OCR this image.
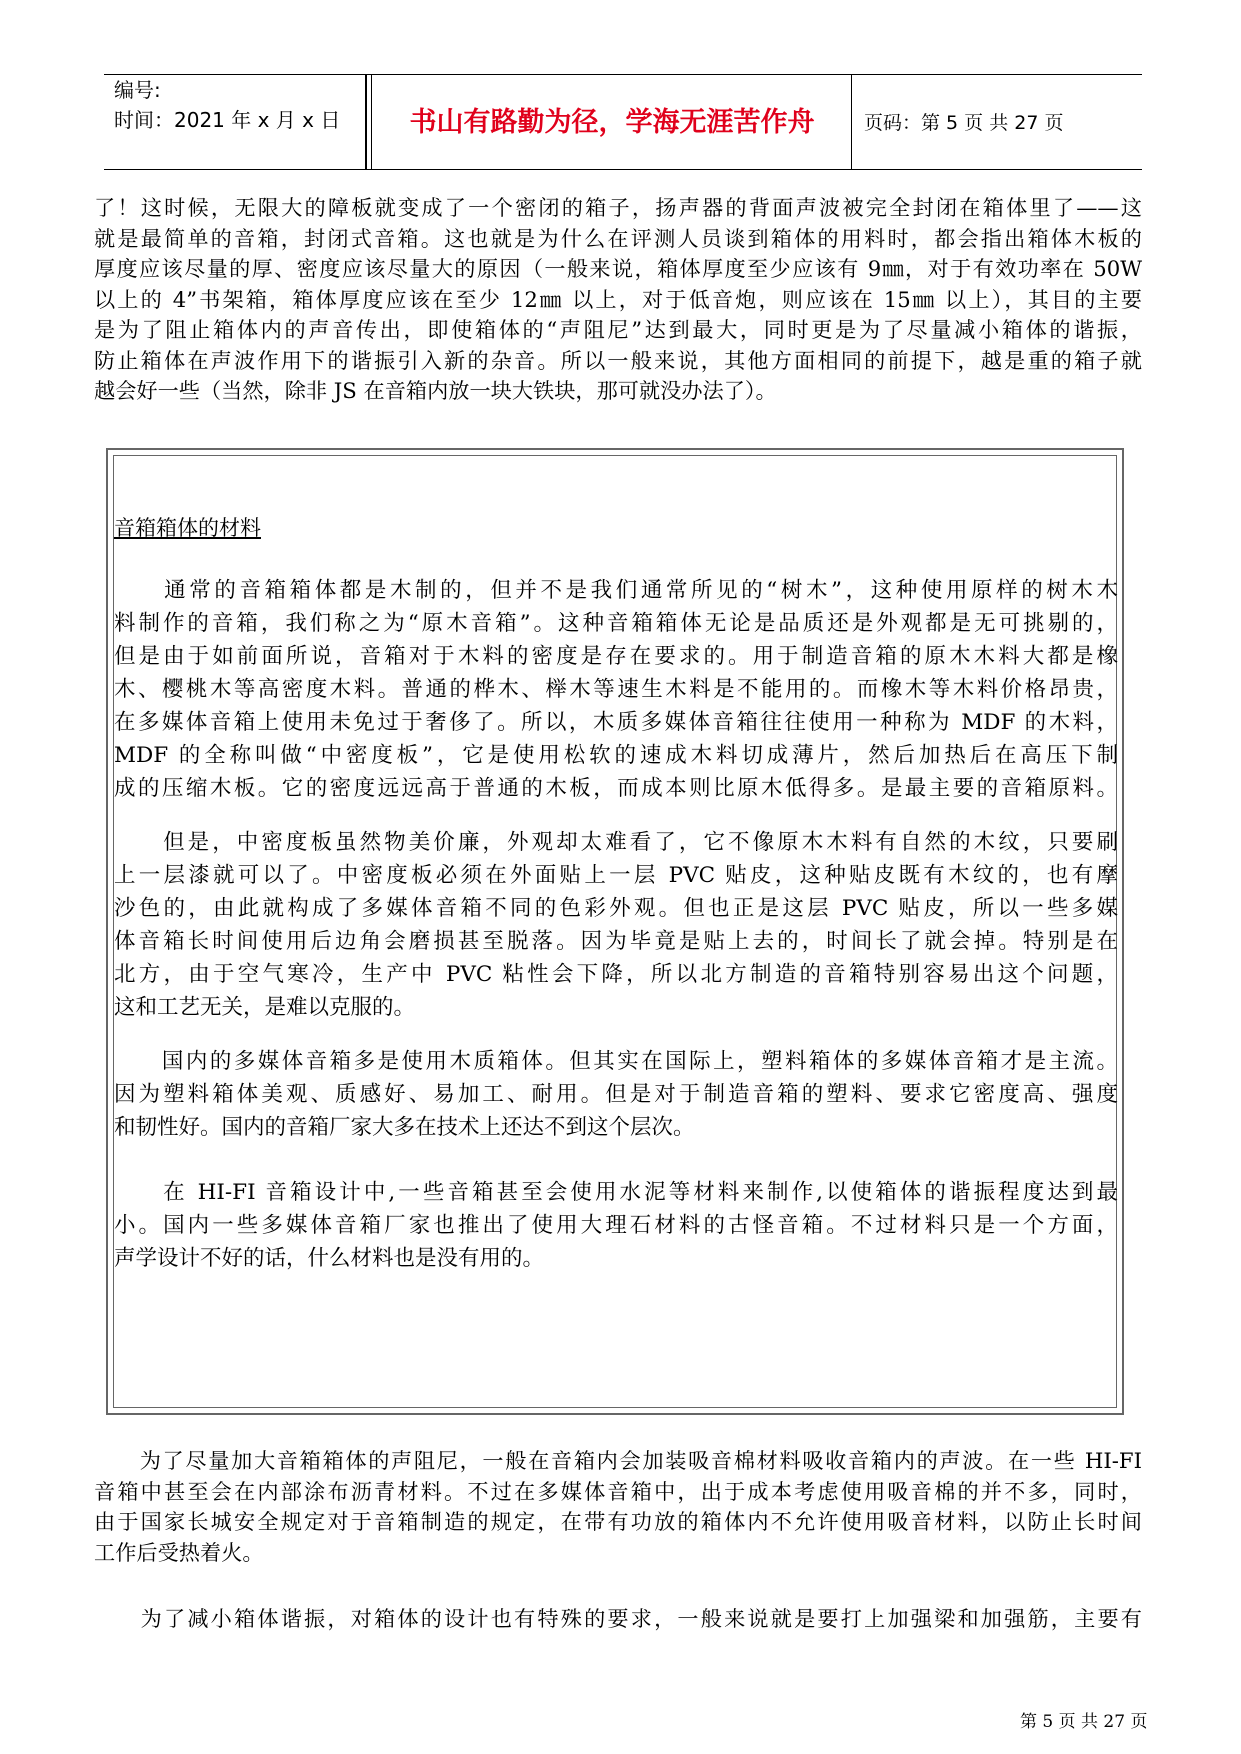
编号:
时间：2021 年 x 月 x 日	书山有路勤为径，学海无涯苦作舟	页码：第 5 页 共 27 页
了！这时候，无限大的障板就变成了一个密闭的箱子，扬声器的背面声波被完全封闭在箱体里了——这
就是最简单的音箱，封闭式音箱。这也就是为什么在评测人员谈到箱体的用料时，都会指出箱体木板的
厚度应该尽量的厚、密度应该尽量大的原因（一般来说，箱体厚度至少应该有 9㎜，对于有效功率在 50W
以上的 4”书架箱，箱体厚度应该在至少 12㎜ 以上，对于低音炮，则应该在 15㎜ 以上），其目的主要
是为了阻止箱体内的声音传出，即使箱体的“声阻尼”达到最大，同时更是为了尽量减小箱体的谐振，
防止箱体在声波作用下的谐振引入新的杂音。所以一般来说，其他方面相同的前提下，越是重的箱子就
越会好一些（当然，除非 JS 在音箱内放一块大铁块，那可就没办法了）。
音箱箱体的材料
　　通常的音箱箱体都是木制的，但并不是我们通常所见的“树木”，这种使用原样的树木木
料制作的音箱，我们称之为“原木音箱”。这种音箱箱体无论是品质还是外观都是无可挑剔的，
但是由于如前面所说，音箱对于木料的密度是存在要求的。用于制造音箱的原木木料大都是橡
木、樱桃木等高密度木料。普通的桦木、榉木等速生木料是不能用的。而橡木等木料价格昂贵，
在多媒体音箱上使用未免过于奢侈了。所以，木质多媒体音箱往往使用一种称为 MDF 的木料，
MDF 的全称叫做“中密度板”，它是使用松软的速成木料切成薄片，然后加热后在高压下制
成的压缩木板。它的密度远远高于普通的木板，而成本则比原木低得多。是最主要的音箱原料。
　　但是，中密度板虽然物美价廉，外观却太难看了，它不像原木木料有自然的木纹，只要刷
上一层漆就可以了。中密度板必须在外面贴上一层 PVC 贴皮，这种贴皮既有木纹的，也有摩
沙色的，由此就构成了多媒体音箱不同的色彩外观。但也正是这层 PVC 贴皮，所以一些多媒
体音箱长时间使用后边角会磨损甚至脱落。因为毕竟是贴上去的，时间长了就会掉。特别是在
北方，由于空气寒冷，生产中 PVC 粘性会下降，所以北方制造的音箱特别容易出这个问题，
这和工艺无关，是难以克服的。
　　国内的多媒体音箱多是使用木质箱体。但其实在国际上，塑料箱体的多媒体音箱才是主流。
因为塑料箱体美观、质感好、易加工、耐用。但是对于制造音箱的塑料、要求它密度高、强度
和韧性好。国内的音箱厂家大多在技术上还达不到这个层次。
　　在 HI-FI 音箱设计中,一些音箱甚至会使用水泥等材料来制作,以使箱体的谐振程度达到最
小。国内一些多媒体音箱厂家也推出了使用大理石材料的古怪音箱。不过材料只是一个方面，
声学设计不好的话，什么材料也是没有用的。
　　为了尽量加大音箱箱体的声阻尼，一般在音箱内会加装吸音棉材料吸收音箱内的声波。在一些 HI-FI
音箱中甚至会在内部涂布沥青材料。不过在多媒体音箱中，出于成本考虑使用吸音棉的并不多，同时，
由于国家长城安全规定对于音箱制造的规定，在带有功放的箱体内不允许使用吸音材料，以防止长时间
工作后受热着火。
　　为了减小箱体谐振，对箱体的设计也有特殊的要求，一般来说就是要打上加强梁和加强筋，主要有
第 5 页 共 27 页
